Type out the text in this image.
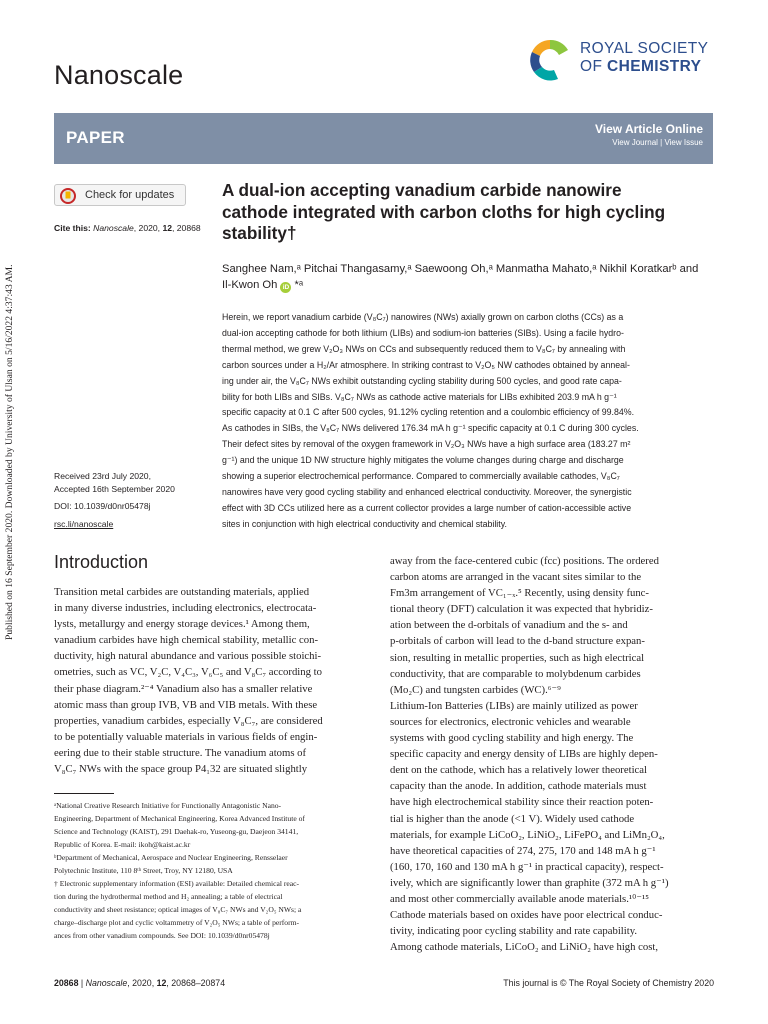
Published on 16 September 2020. Downloaded by University of Ulsan on 5/16/2022 4:37:43 AM.
Nanoscale
ROYAL SOCIETY
OF CHEMISTRY
PAPER	View Article Online
View Journal | View Issue
Check for updates
Cite this: Nanoscale, 2020, 12, 20868
A dual-ion accepting vanadium carbide nanowire cathode integrated with carbon cloths for high cycling stability†
Sanghee Nam,ᵃ Pitchai Thangasamy,ᵃ Saewoong Oh,ᵃ Manmatha Mahato,ᵃ Nikhil Koratkarᵇ and Il-Kwon Oh iD *ᵃ
Herein, we report vanadium carbide (V₈C₇) nanowires (NWs) axially grown on carbon cloths (CCs) as a
dual-ion accepting cathode for both lithium (LIBs) and sodium-ion batteries (SIBs). Using a facile hydro-
thermal method, we grew V₂O₃ NWs on CCs and subsequently reduced them to V₈C₇ by annealing with
carbon sources under a H₂/Ar atmosphere. In striking contrast to V₂O₅ NW cathodes obtained by anneal-
ing under air, the V₈C₇ NWs exhibit outstanding cycling stability during 500 cycles, and good rate capa-
bility for both LIBs and SIBs. V₈C₇ NWs as cathode active materials for LIBs exhibited 203.9 mA h g⁻¹
specific capacity at 0.1 C after 500 cycles, 91.12% cycling retention and a coulombic efficiency of 99.84%.
As cathodes in SIBs, the V₈C₇ NWs delivered 176.34 mA h g⁻¹ specific capacity at 0.1 C during 300 cycles.
Their defect sites by removal of the oxygen framework in V₂O₃ NWs have a high surface area (183.27 m²
g⁻¹) and the unique 1D NW structure highly mitigates the volume changes during charge and discharge
showing a superior electrochemical performance. Compared to commercially available cathodes, V₈C₇
nanowires have very good cycling stability and enhanced electrical conductivity. Moreover, the synergistic
effect with 3D CCs utilized here as a current collector provides a large number of cation-accessible active
sites in conjunction with high electrical conductivity and chemical stability.
Received 23rd July 2020,
Accepted 16th September 2020
DOI: 10.1039/d0nr05478j
rsc.li/nanoscale
Introduction
Transition metal carbides are outstanding materials, applied
in many diverse industries, including electronics, electrocata-
lysts, metallurgy and energy storage devices.¹ Among them,
vanadium carbides have high chemical stability, metallic con-
ductivity, high natural abundance and various possible stoichi-
ometries, such as VC, V₂C, V₄C₃, V₆C₅ and V₈C₇ according to
their phase diagram.²⁻⁴ Vanadium also has a smaller relative
atomic mass than group IVB, VB and VIB metals. With these
properties, vanadium carbides, especially V₈C₇, are considered
to be potentially valuable materials in various fields of engin-
eering due to their stable structure. The vanadium atoms of
V₈C₇ NWs with the space group P4₁32 are situated slightly
away from the face-centered cubic (fcc) positions. The ordered
carbon atoms are arranged in the vacant sites similar to the
Fm3m arrangement of VC₁₋ₓ.⁵ Recently, using density func-
tional theory (DFT) calculation it was expected that hybridiz-
ation between the d-orbitals of vanadium and the s- and
p-orbitals of carbon will lead to the d-band structure expan-
sion, resulting in metallic properties, such as high electrical
conductivity, that are comparable to molybdenum carbides
(Mo₂C) and tungsten carbides (WC).⁶⁻⁹
Lithium-Ion Batteries (LIBs) are mainly utilized as power
sources for electronics, electronic vehicles and wearable
systems with good cycling stability and high energy. The
specific capacity and energy density of LIBs are highly depen-
dent on the cathode, which has a relatively lower theoretical
capacity than the anode. In addition, cathode materials must
have high electrochemical stability since their reaction poten-
tial is higher than the anode (<1 V). Widely used cathode
materials, for example LiCoO₂, LiNiO₂, LiFePO₄ and LiMn₂O₄,
have theoretical capacities of 274, 275, 170 and 148 mA h g⁻¹
(160, 170, 160 and 130 mA h g⁻¹ in practical capacity), respect-
ively, which are significantly lower than graphite (372 mA h g⁻¹)
and most other commercially available anode materials.¹⁰⁻¹⁵
Cathode materials based on oxides have poor electrical conduc-
tivity, indicating poor cycling stability and rate capability.
Among cathode materials, LiCoO₂ and LiNiO₂ have high cost,
ᵃNational Creative Research Initiative for Functionally Antagonistic Nano-
Engineering, Department of Mechanical Engineering, Korea Advanced Institute of
Science and Technology (KAIST), 291 Daehak-ro, Yuseong-gu, Daejeon 34141,
Republic of Korea. E-mail: ikoh@kaist.ac.kr
ᵇDepartment of Mechanical, Aerospace and Nuclear Engineering, Rensselaer
Polytechnic Institute, 110 8ᵗʰ Street, Troy, NY 12180, USA
† Electronic supplementary information (ESI) available: Detailed chemical reac-
tion during the hydrothermal method and H₂ annealing; a table of electrical
conductivity and sheet resistance; optical images of V₈C₇ NWs and V₂O₅ NWs; a
charge–discharge plot and cyclic voltammetry of V₂O₅ NWs; a table of perform-
ances from other vanadium compounds. See DOI: 10.1039/d0nr05478j
20868 | Nanoscale, 2020, 12, 20868–20874	This journal is © The Royal Society of Chemistry 2020
